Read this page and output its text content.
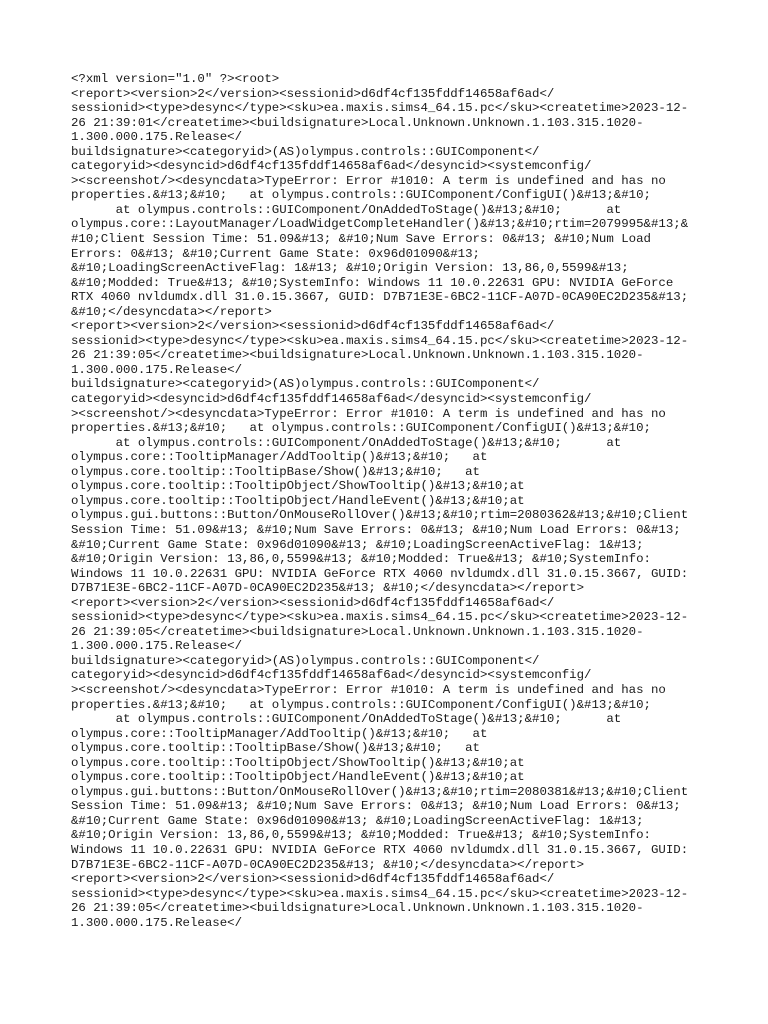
<?xml version="1.0" ?><root>
<report><version>2</version><sessionid>d6df4cf135fddf14658af6ad</
sessionid><type>desync</type><sku>ea.maxis.sims4_64.15.pc</sku><createtime>2023-12-
26 21:39:01</createtime><buildsignature>Local.Unknown.Unknown.1.103.315.1020-
1.300.000.175.Release</
buildsignature><categoryid>(AS)olympus.controls::GUIComponent</
categoryid><desyncid>d6df4cf135fddf14658af6ad</desyncid><systemconfig/
><screenshot/><desyncdata>TypeError: Error #1010: A term is undefined and has no
properties.&#13;&#10;   at olympus.controls::GUIComponent/ConfigUI()&#13;&#10;
at olympus.controls::GUIComponent/OnAddedToStage()&#13;&#10;      at
olympus.core::LayoutManager/LoadWidgetCompleteHandler()&#13;&#10;rtim=2079995&#13;&
#10;Client Session Time: 51.09&#13; &#10;Num Save Errors: 0&#13; &#10;Num Load
Errors: 0&#13; &#10;Current Game State: 0x96d01090&#13;
&#10;LoadingScreenActiveFlag: 1&#13; &#10;Origin Version: 13,86,0,5599&#13;
&#10;Modded: True&#13; &#10;SystemInfo: Windows 11 10.0.22631 GPU: NVIDIA GeForce
RTX 4060 nvldumdx.dll 31.0.15.3667, GUID: D7B71E3E-6BC2-11CF-A07D-0CA90EC2D235&#13;
&#10;</desyncdata></report>
<report><version>2</version><sessionid>d6df4cf135fddf14658af6ad</
sessionid><type>desync</type><sku>ea.maxis.sims4_64.15.pc</sku><createtime>2023-12-
26 21:39:05</createtime><buildsignature>Local.Unknown.Unknown.1.103.315.1020-
1.300.000.175.Release</
buildsignature><categoryid>(AS)olympus.controls::GUIComponent</
categoryid><desyncid>d6df4cf135fddf14658af6ad</desyncid><systemconfig/
><screenshot/><desyncdata>TypeError: Error #1010: A term is undefined and has no
properties.&#13;&#10;   at olympus.controls::GUIComponent/ConfigUI()&#13;&#10;
at olympus.controls::GUIComponent/OnAddedToStage()&#13;&#10;      at
olympus.core::TooltipManager/AddTooltip()&#13;&#10;   at
olympus.core.tooltip::TooltipBase/Show()&#13;&#10;   at
olympus.core.tooltip::TooltipObject/ShowTooltip()&#13;&#10;at
olympus.core.tooltip::TooltipObject/HandleEvent()&#13;&#10;at
olympus.gui.buttons::Button/OnMouseRollOver()&#13;&#10;rtim=2080362&#13;&#10;Client
Session Time: 51.09&#13; &#10;Num Save Errors: 0&#13; &#10;Num Load Errors: 0&#13;
&#10;Current Game State: 0x96d01090&#13; &#10;LoadingScreenActiveFlag: 1&#13;
&#10;Origin Version: 13,86,0,5599&#13; &#10;Modded: True&#13; &#10;SystemInfo:
Windows 11 10.0.22631 GPU: NVIDIA GeForce RTX 4060 nvldumdx.dll 31.0.15.3667, GUID:
D7B71E3E-6BC2-11CF-A07D-0CA90EC2D235&#13; &#10;</desyncdata></report>
<report><version>2</version><sessionid>d6df4cf135fddf14658af6ad</
sessionid><type>desync</type><sku>ea.maxis.sims4_64.15.pc</sku><createtime>2023-12-
26 21:39:05</createtime><buildsignature>Local.Unknown.Unknown.1.103.315.1020-
1.300.000.175.Release</
buildsignature><categoryid>(AS)olympus.controls::GUIComponent</
categoryid><desyncid>d6df4cf135fddf14658af6ad</desyncid><systemconfig/
><screenshot/><desyncdata>TypeError: Error #1010: A term is undefined and has no
properties.&#13;&#10;   at olympus.controls::GUIComponent/ConfigUI()&#13;&#10;
at olympus.controls::GUIComponent/OnAddedToStage()&#13;&#10;      at
olympus.core::TooltipManager/AddTooltip()&#13;&#10;   at
olympus.core.tooltip::TooltipBase/Show()&#13;&#10;   at
olympus.core.tooltip::TooltipObject/ShowTooltip()&#13;&#10;at
olympus.core.tooltip::TooltipObject/HandleEvent()&#13;&#10;at
olympus.gui.buttons::Button/OnMouseRollOver()&#13;&#10;rtim=2080381&#13;&#10;Client
Session Time: 51.09&#13; &#10;Num Save Errors: 0&#13; &#10;Num Load Errors: 0&#13;
&#10;Current Game State: 0x96d01090&#13; &#10;LoadingScreenActiveFlag: 1&#13;
&#10;Origin Version: 13,86,0,5599&#13; &#10;Modded: True&#13; &#10;SystemInfo:
Windows 11 10.0.22631 GPU: NVIDIA GeForce RTX 4060 nvldumdx.dll 31.0.15.3667, GUID:
D7B71E3E-6BC2-11CF-A07D-0CA90EC2D235&#13; &#10;</desyncdata></report>
<report><version>2</version><sessionid>d6df4cf135fddf14658af6ad</
sessionid><type>desync</type><sku>ea.maxis.sims4_64.15.pc</sku><createtime>2023-12-
26 21:39:05</createtime><buildsignature>Local.Unknown.Unknown.1.103.315.1020-
1.300.000.175.Release</
